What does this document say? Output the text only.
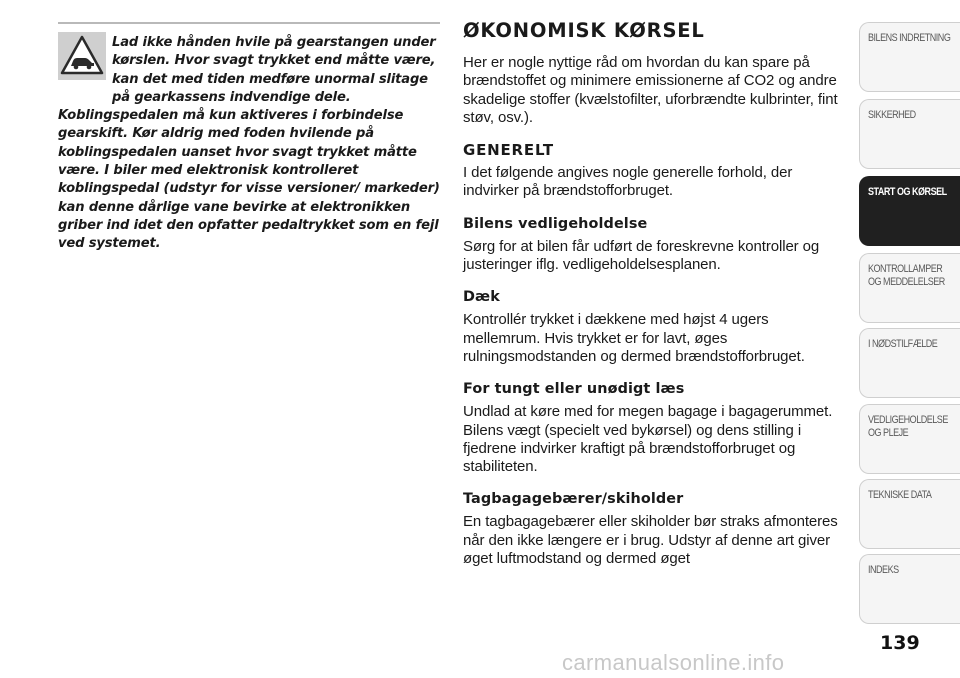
Lad ikke hånden hvile på gearstangen under kørslen. Hvor svagt trykket end måtte være, kan det med tiden medføre unormal slitage på gearkassens indvendige dele. Koblingspedalen må kun aktiveres i forbindelse gearskift. Kør aldrig med foden hvilende på koblingspedalen uanset hvor svagt trykket måtte være. I biler med elektronisk kontrolleret koblingspedal (udstyr for visse versioner/ markeder) kan denne dårlige vane bevirke at elektronikken griber ind idet den opfatter pedaltrykket som en fejl ved systemet.

ØKONOMISK KØRSEL

Her er nogle nyttige råd om hvordan du kan spare på brændstoffet og minimere emissionerne af CO2 og andre skadelige stoffer (kvælstofilter, uforbrændte kulbrinter, fint støv, osv.).

GENERELT

I det følgende angives nogle generelle forhold, der indvirker på brændstofforbruget.

Bilens vedligeholdelse

Sørg for at bilen får udført de foreskrevne kontroller og justeringer iflg. vedligeholdelsesplanen.

Dæk

Kontrollér trykket i dækkene med højst 4 ugers mellemrum. Hvis trykket er for lavt, øges rulningsmodstanden og dermed brændstofforbruget.

For tungt eller unødigt læs

Undlad at køre med for megen bagage i bagagerummet. Bilens vægt (specielt ved bykørsel) og dens stilling i fjedrene indvirker kraftigt på brændstofforbruget og stabiliteten.

Tagbagagebærer/skiholder

En tagbagagebærer eller skiholder bør straks afmonteres når den ikke længere er i brug. Udstyr af denne art giver øget luftmodstand og dermed øget

BILENS INDRETNING
SIKKERHED
START OG KØRSEL
KONTROLLAMPER
OG MEDDELELSER
I NØDSTILFÆLDE
VEDLIGEHOLDELSE
OG PLEJE
TEKNISKE DATA
INDEKS
139
carmanualsonline.info
